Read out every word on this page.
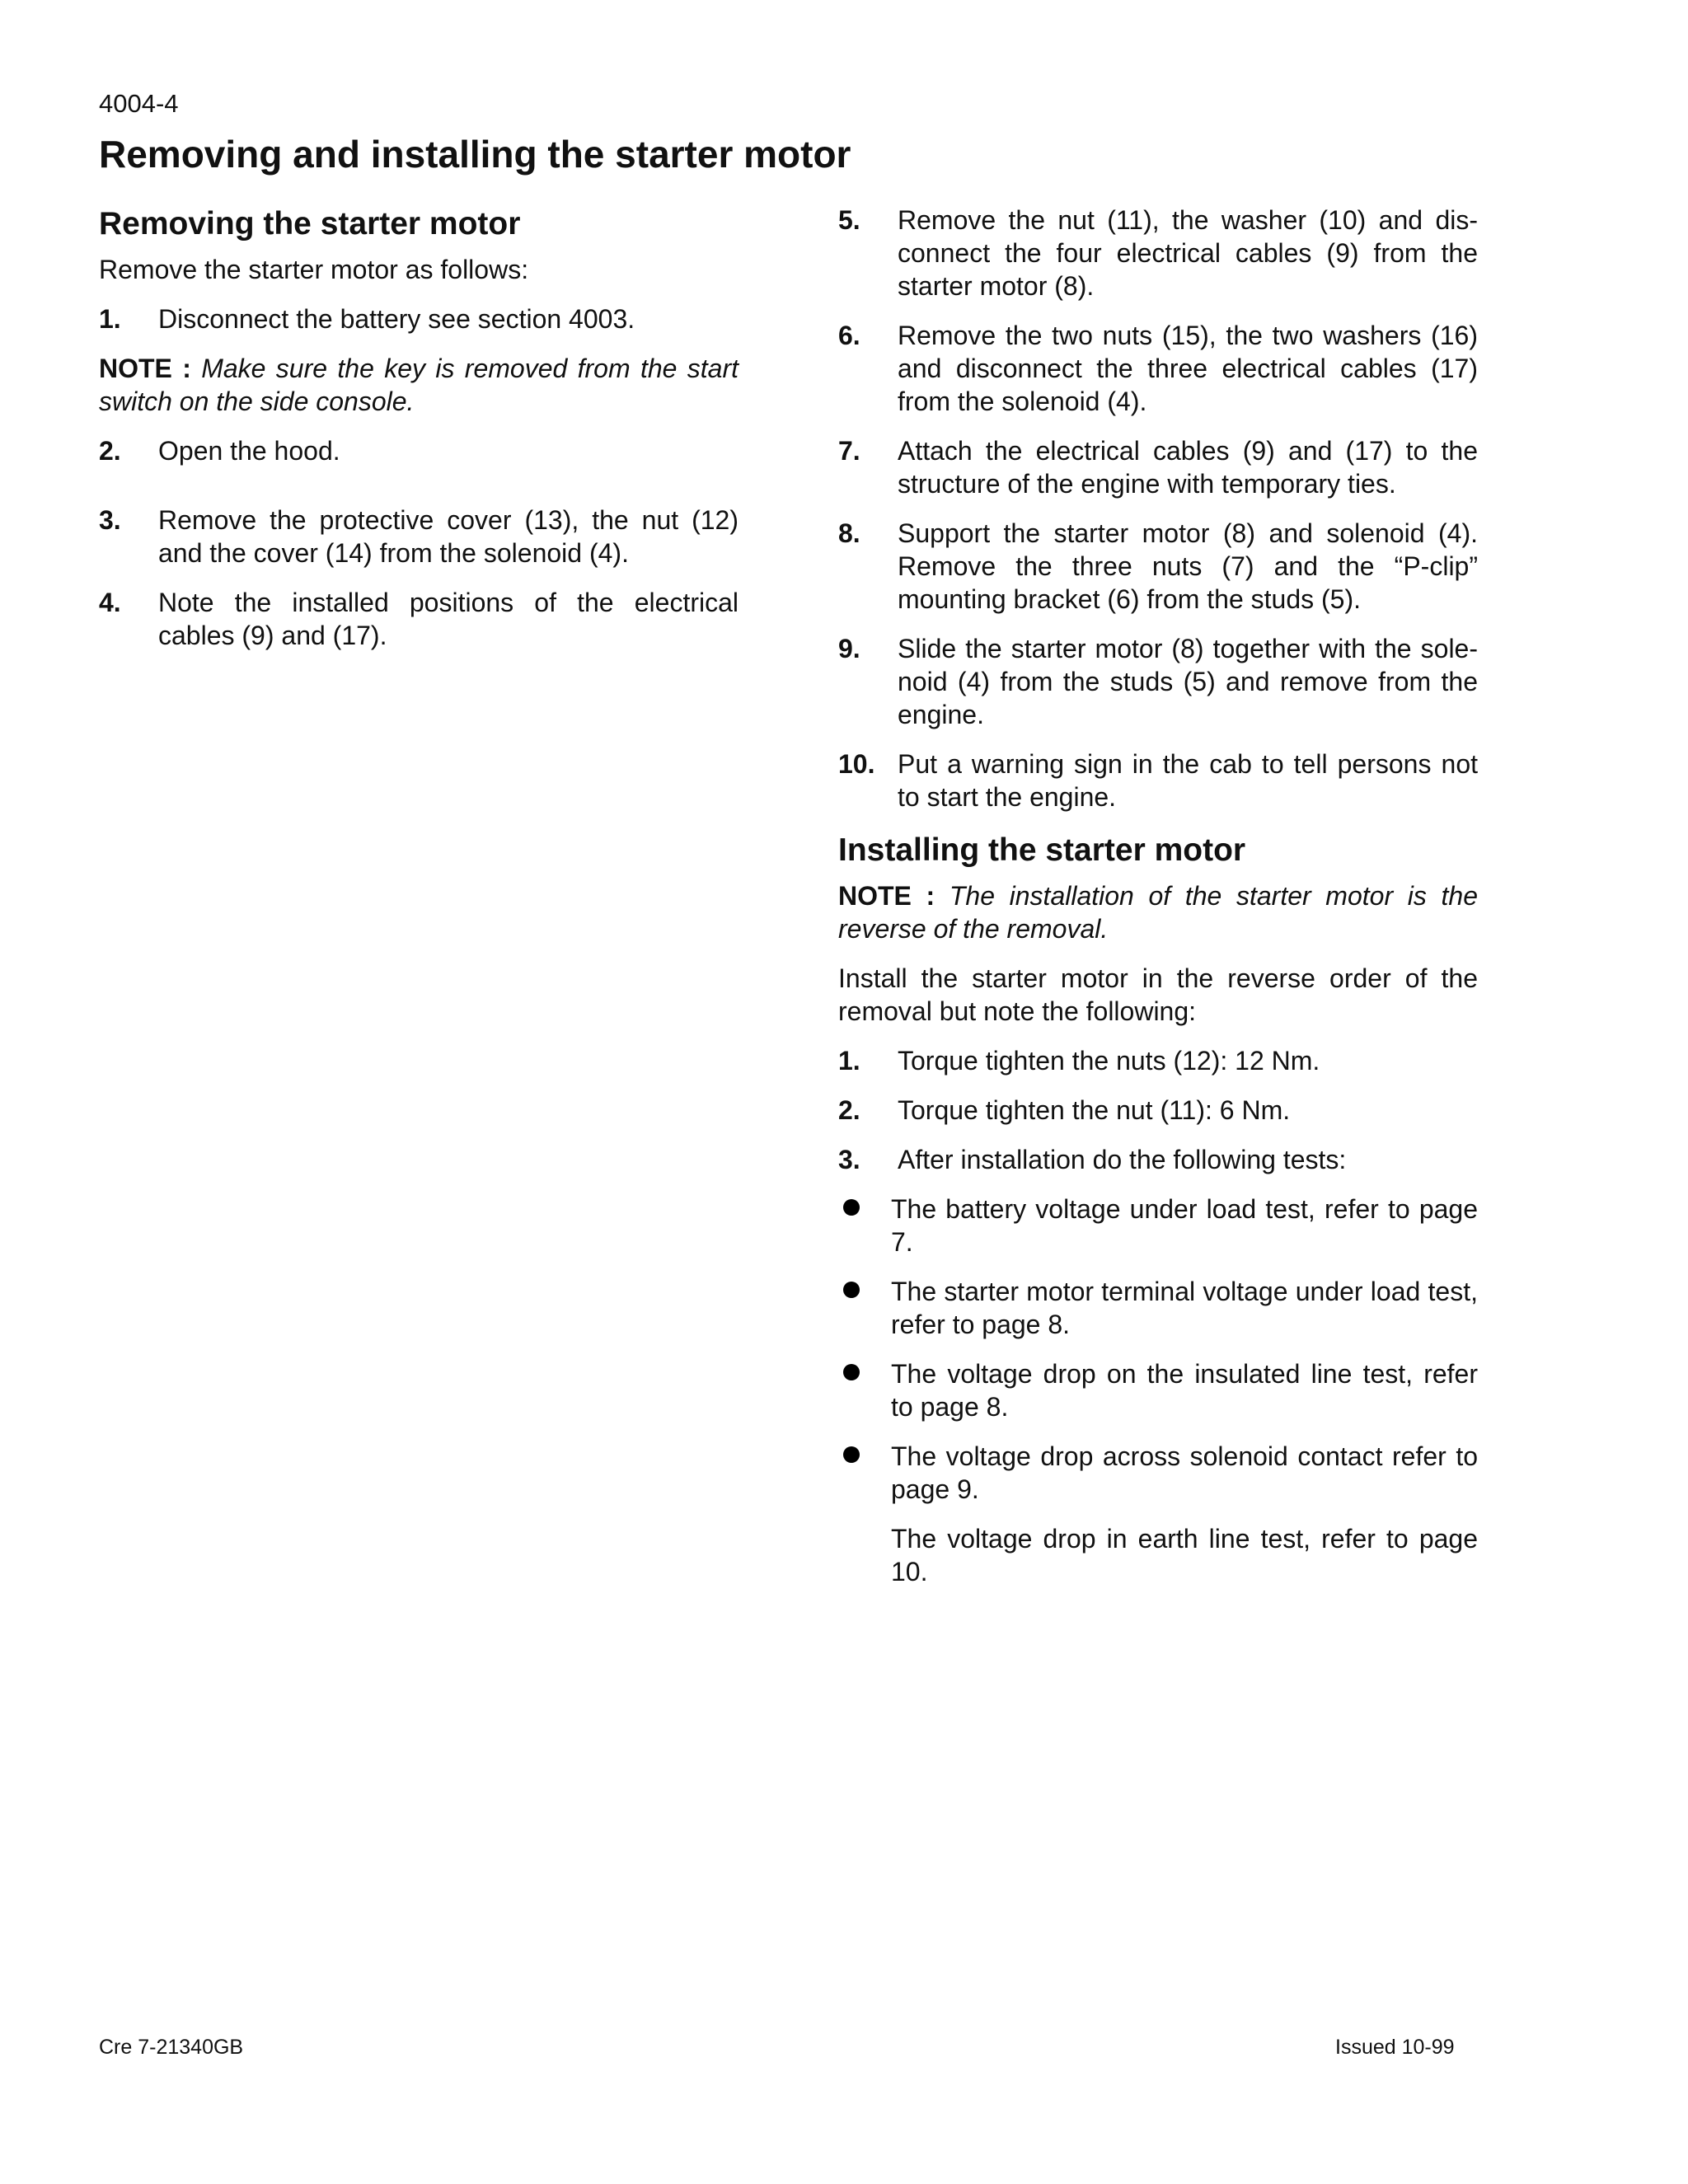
4004-4
Removing and installing the starter motor
Removing the starter motor

Remove the starter motor as follows:

1. Disconnect the battery see section 4003.

NOTE : Make sure the key is removed from the start switch on the side console.

2. Open the hood.
3. Remove the protective cover (13), the nut (12) and the cover (14) from the solenoid (4).
4. Note the installed positions of the electrical cables (9) and (17).
5. Remove the nut (11), the washer (10) and dis-connect the four electrical cables (9) from the starter motor (8).
6. Remove the two nuts (15), the two washers (16) and disconnect the three electrical cables (17) from the solenoid (4).
7. Attach the electrical cables (9) and (17) to the structure of the engine with temporary ties.
8. Support the starter motor (8) and solenoid (4). Remove the three nuts (7) and the “P-clip” mounting bracket (6) from the studs (5).
9. Slide the starter motor (8) together with the sole-noid (4) from the studs (5) and remove from the engine.
10. Put a warning sign in the cab to tell persons not to start the engine.
Installing the starter motor

NOTE : The installation of the starter motor is the reverse of the removal.

Install the starter motor in the reverse order of the removal but note the following:

1. Torque tighten the nuts (12): 12 Nm.
2. Torque tighten the nut (11): 6 Nm.
3. After installation do the following tests:
The battery voltage under load test, refer to page 7.
The starter motor terminal voltage under load test, refer to page 8.
The voltage drop on the insulated line test, refer to page 8.
The voltage drop across solenoid contact refer to page 9.

The voltage drop in earth line test, refer to page 10.

Cre 7-21340GB	Issued 10-99
